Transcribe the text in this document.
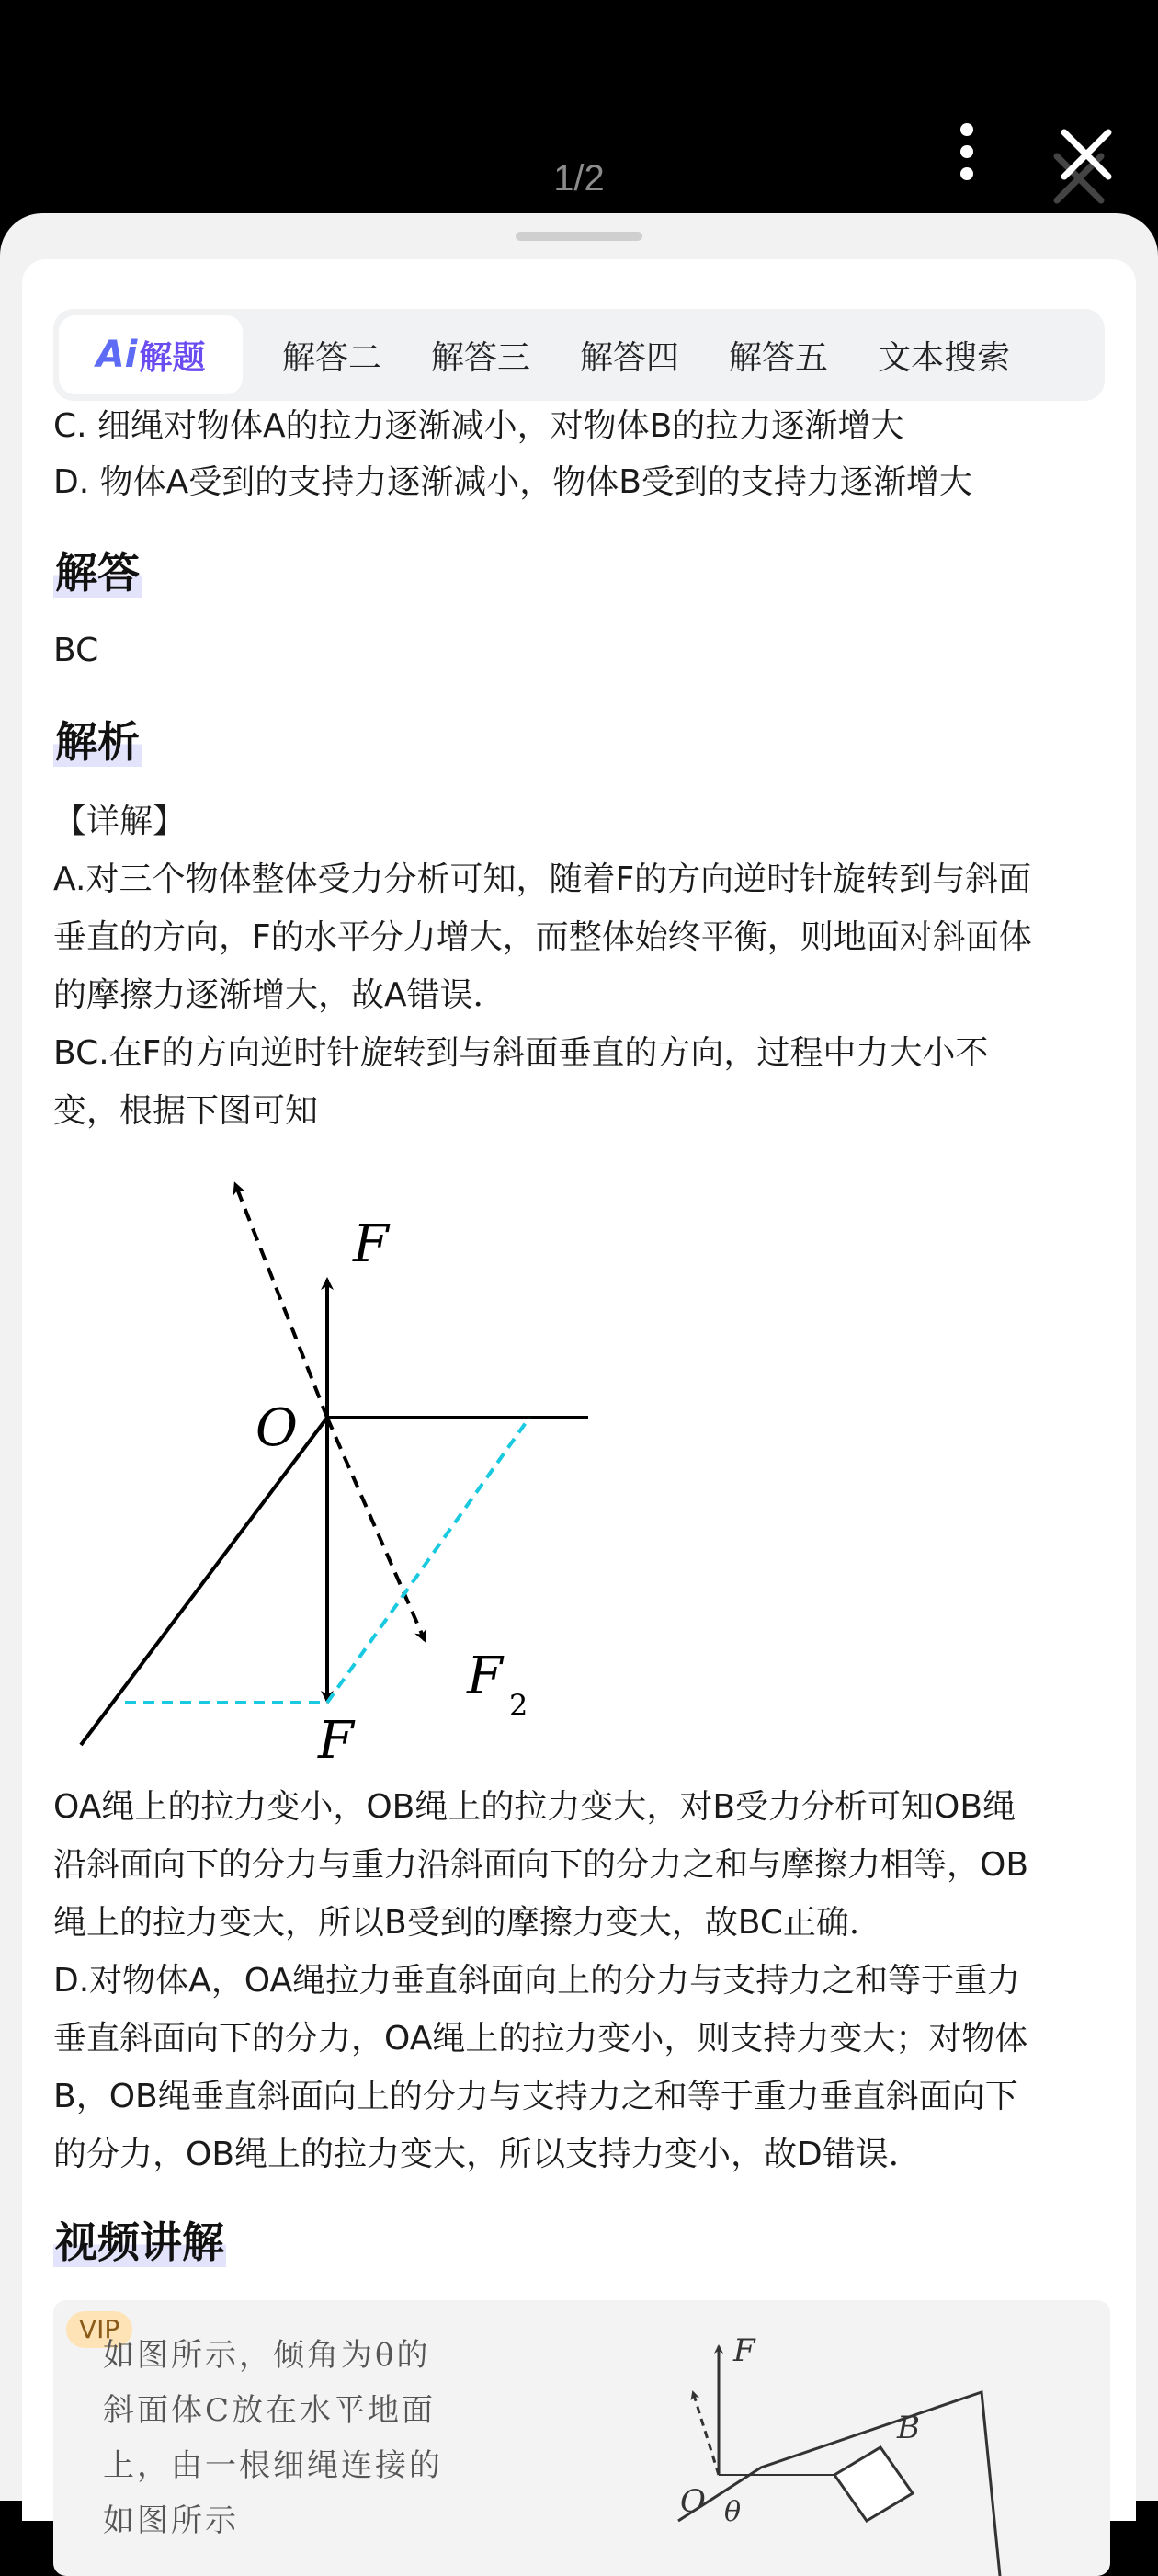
1/2
Ai 解题	解答二	解答三	解答四	解答五	文本搜索
C. 细绳对物体A的拉力逐渐减小，对物体B的拉力逐渐增大
D. 物体A受到的支持力逐渐减小，物体B受到的支持力逐渐增大
解答
BC
解析
【详解】
A.对三个物体整体受力分析可知，随着F的方向逆时针旋转到与斜面
垂直的方向，F的水平分力增大，而整体始终平衡，则地面对斜面体
的摩擦力逐渐增大，故A错误．
BC.在F的方向逆时针旋转到与斜面垂直的方向，过程中力大小不
变，根据下图可知
F
O
F
F 2
OA绳上的拉力变小，OB绳上的拉力变大，对B受力分析可知OB绳
沿斜面向下的分力与重力沿斜面向下的分力之和与摩擦力相等，OB
绳上的拉力变大，所以B受到的摩擦力变大，故BC正确．
D.对物体A，OA绳拉力垂直斜面向上的分力与支持力之和等于重力
垂直斜面向下的分力，OA绳上的拉力变小，则支持力变大；对物体
B，OB绳垂直斜面向上的分力与支持力之和等于重力垂直斜面向下
的分力，OB绳上的拉力变大，所以支持力变小，故D错误．
视频讲解
VIP
如图所示，倾角为θ的
斜面体C放在水平地面
上，由一根细绳连接的
如图所示
F
B
O θ
